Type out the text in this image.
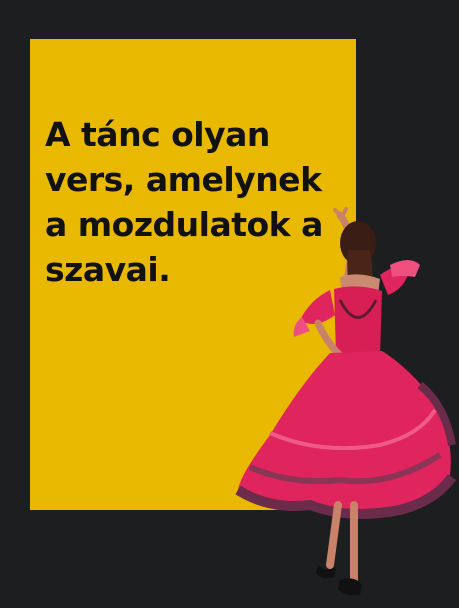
A tánc olyan
vers, amelynek
a mozdulatok a
szavai.
